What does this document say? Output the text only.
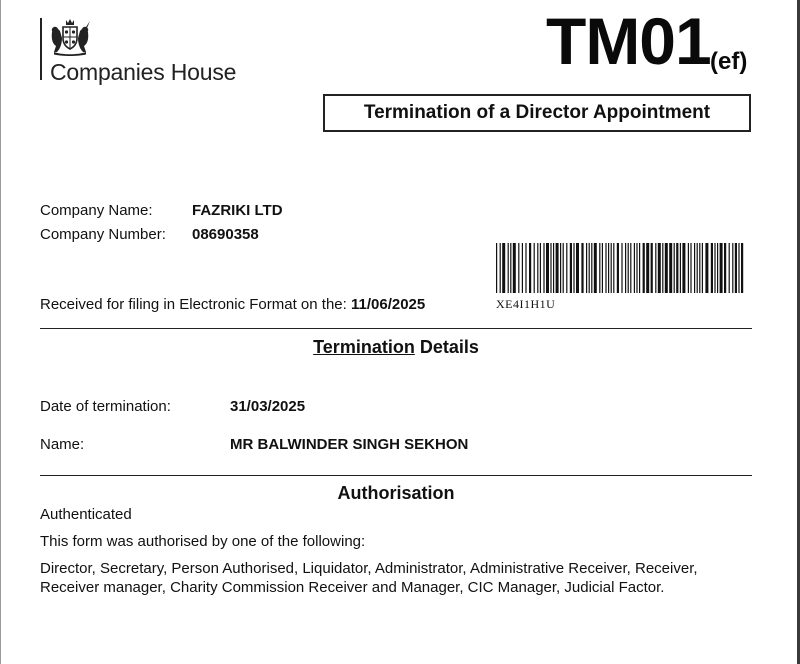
Companies House	TM01 (ef)
Termination of a Director Appointment
Company Name:	FAZRIKI LTD
Company Number: 08690358
Received for filing in Electronic Format on the: 11/06/2025	XE4I1H1U
Termination Details
Date of termination:	31/03/2025
Name:	MR BALWINDER SINGH SEKHON
Authorisation
Authenticated
This form was authorised by one of the following:
Director, Secretary, Person Authorised, Liquidator, Administrator, Administrative Receiver, Receiver, Receiver manager, Charity Commission Receiver and Manager, CIC Manager, Judicial Factor.
